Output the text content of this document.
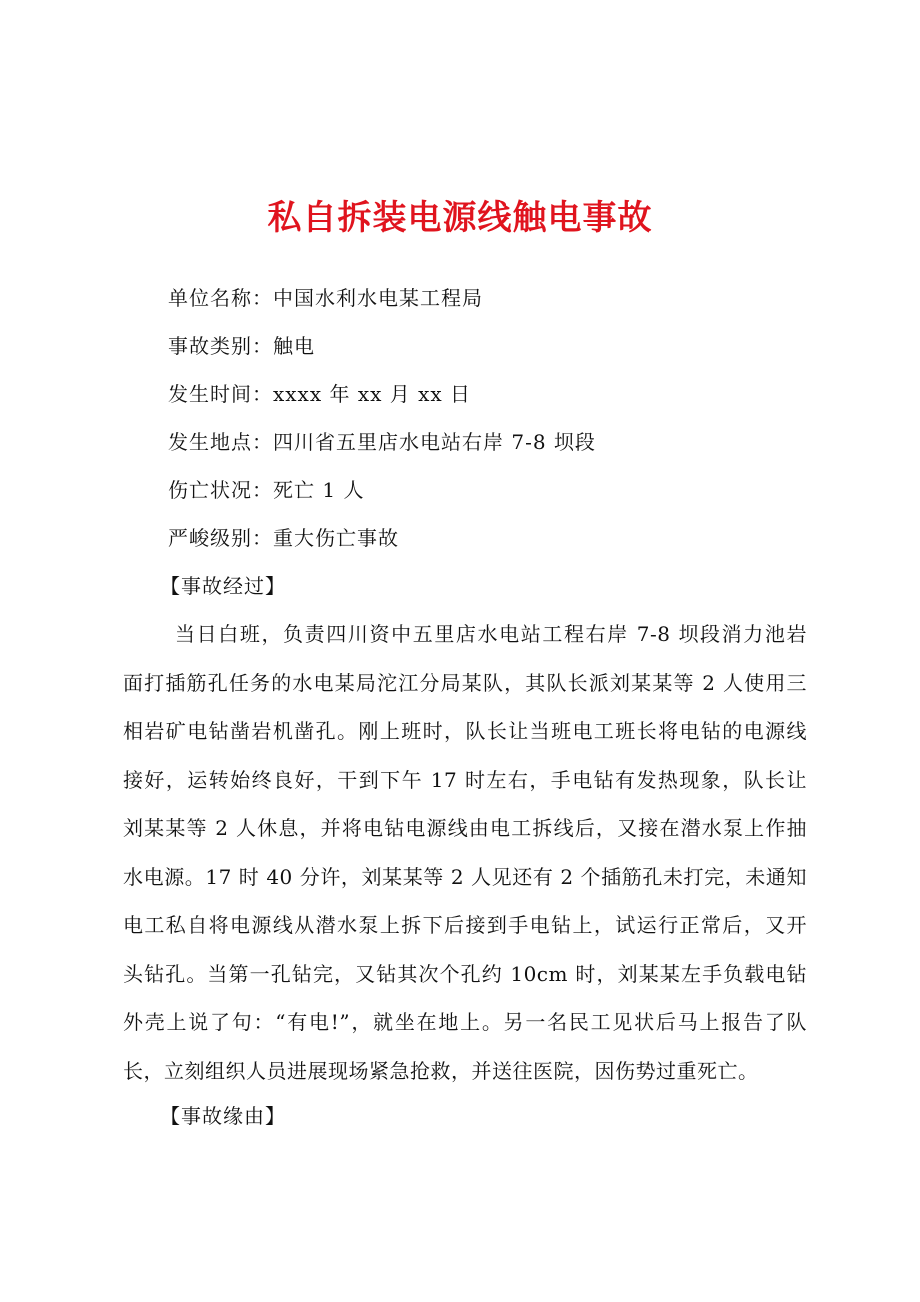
私自拆装电源线触电事故
单位名称：中国水利水电某工程局
事故类别：触电
发生时间：xxxx 年 xx 月 xx 日
发生地点：四川省五里店水电站右岸 7-8 坝段
伤亡状况：死亡 1 人
严峻级别：重大伤亡事故
【事故经过】
当日白班，负责四川资中五里店水电站工程右岸 7-8 坝段消力池岩
面打插筋孔任务的水电某局沱江分局某队，其队长派刘某某等 2 人使用三
相岩矿电钻凿岩机凿孔。刚上班时，队长让当班电工班长将电钻的电源线
接好，运转始终良好，干到下午 17 时左右，手电钻有发热现象，队长让
刘某某等 2 人休息，并将电钻电源线由电工拆线后，又接在潜水泵上作抽
水电源。17 时 40 分许，刘某某等 2 人见还有 2 个插筋孔未打完，未通知
电工私自将电源线从潜水泵上拆下后接到手电钻上，试运行正常后，又开
头钻孔。当第一孔钻完，又钻其次个孔约 10cm 时，刘某某左手负载电钻
外壳上说了句：“有电!”，就坐在地上。另一名民工见状后马上报告了队
长，立刻组织人员进展现场紧急抢救，并送往医院，因伤势过重死亡。
【事故缘由】
